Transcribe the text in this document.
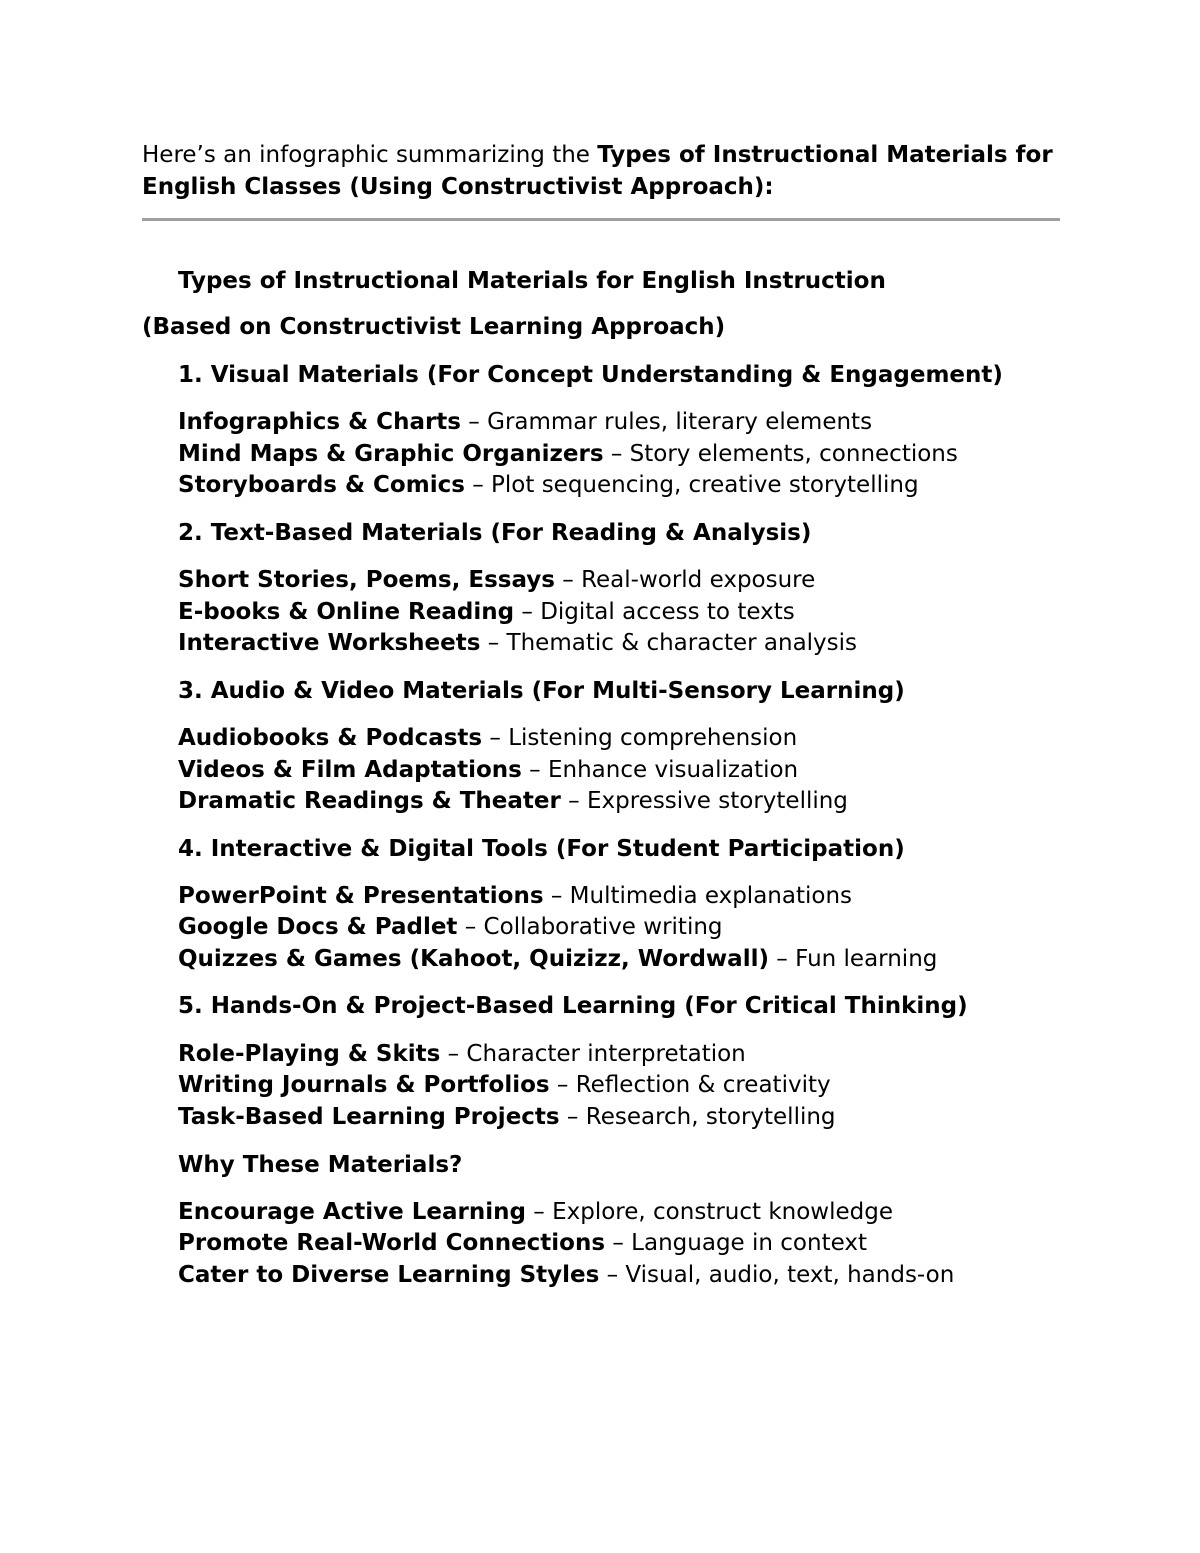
Here’s an infographic summarizing the Types of Instructional Materials for English Classes (Using Constructivist Approach):
Types of Instructional Materials for English Instruction
(Based on Constructivist Learning Approach)
1. Visual Materials (For Concept Understanding & Engagement)
Infographics & Charts – Grammar rules, literary elements
Mind Maps & Graphic Organizers – Story elements, connections
Storyboards & Comics – Plot sequencing, creative storytelling
2. Text-Based Materials (For Reading & Analysis)
Short Stories, Poems, Essays – Real-world exposure
E-books & Online Reading – Digital access to texts
Interactive Worksheets – Thematic & character analysis
3. Audio & Video Materials (For Multi-Sensory Learning)
Audiobooks & Podcasts – Listening comprehension
Videos & Film Adaptations – Enhance visualization
Dramatic Readings & Theater – Expressive storytelling
4. Interactive & Digital Tools (For Student Participation)
PowerPoint & Presentations – Multimedia explanations
Google Docs & Padlet – Collaborative writing
Quizzes & Games (Kahoot, Quizizz, Wordwall) – Fun learning
5. Hands-On & Project-Based Learning (For Critical Thinking)
Role-Playing & Skits – Character interpretation
Writing Journals & Portfolios – Reflection & creativity
Task-Based Learning Projects – Research, storytelling
Why These Materials?
Encourage Active Learning – Explore, construct knowledge
Promote Real-World Connections – Language in context
Cater to Diverse Learning Styles – Visual, audio, text, hands-on
